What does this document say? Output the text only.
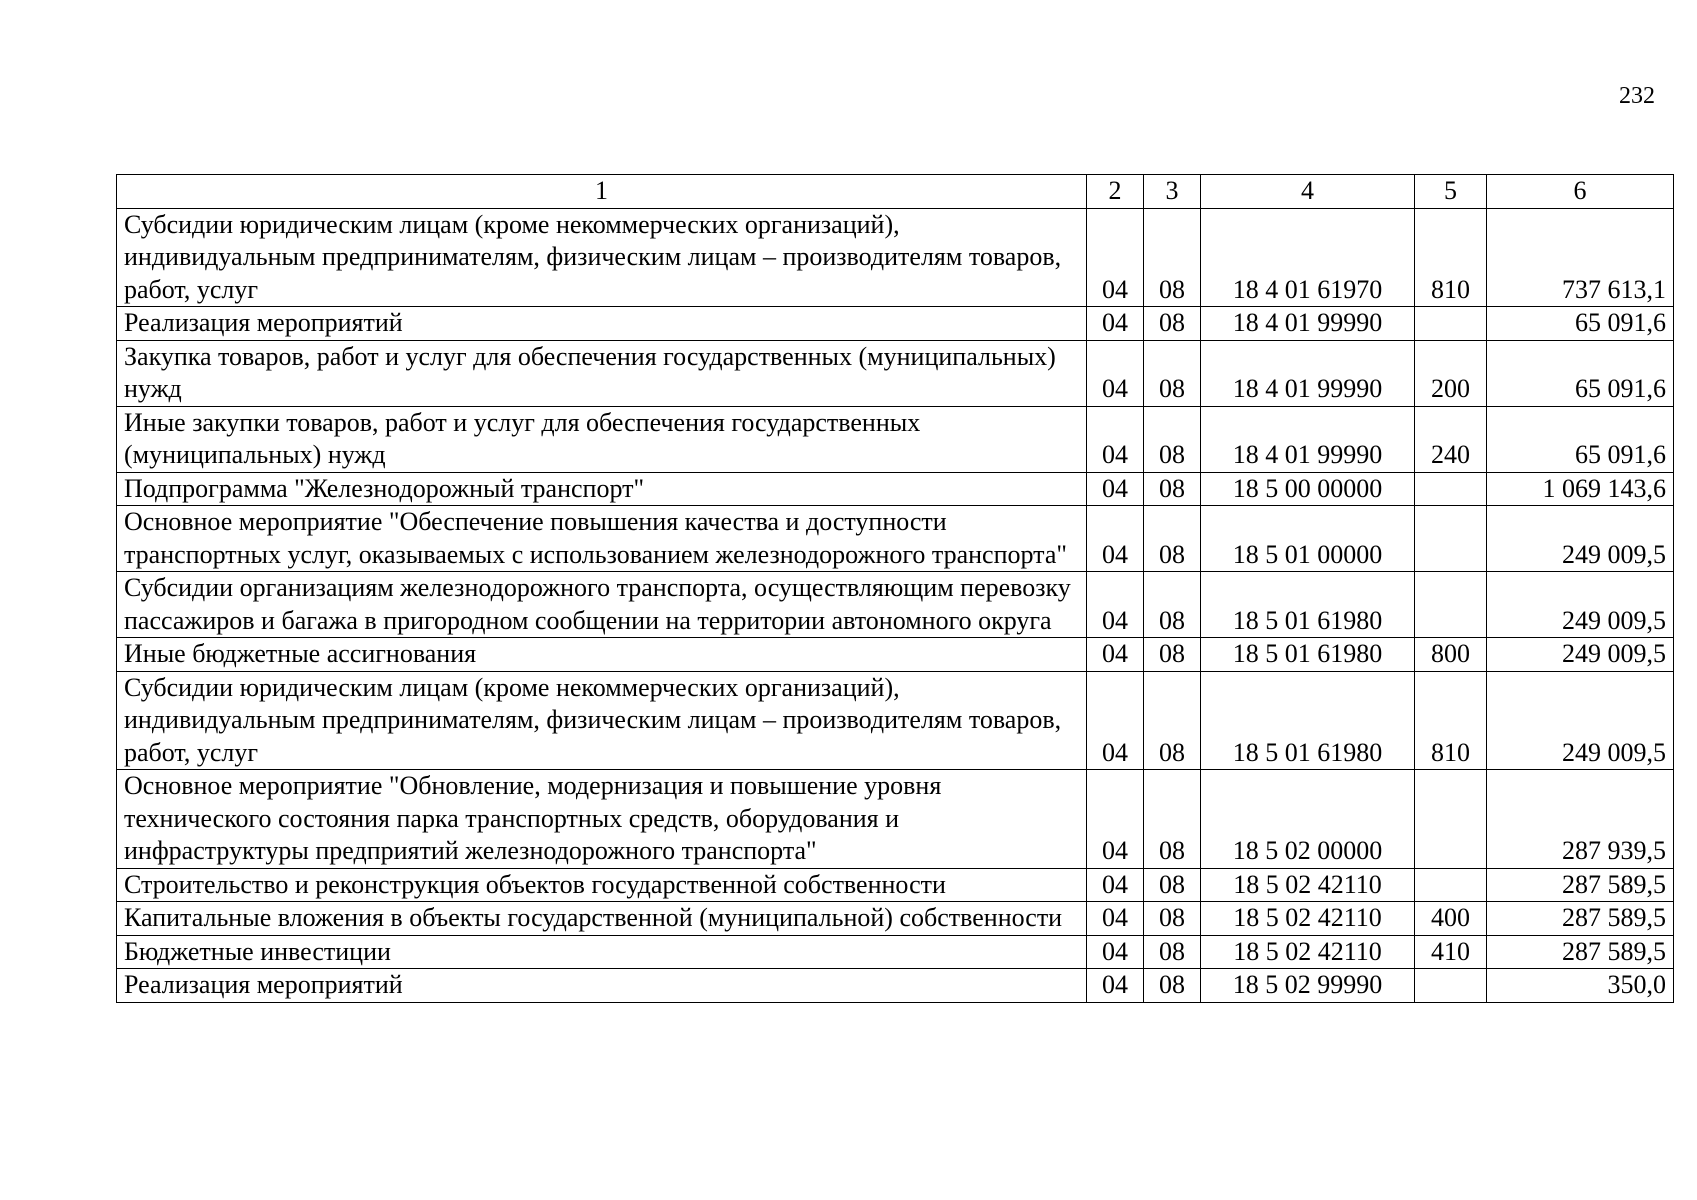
232
1	2	3	4	5	6
Субсидии юридическим лицам (кроме некоммерческих организаций), индивидуальным предпринимателям, физическим лицам – производителям товаров, работ, услуг	04	08	18 4 01 61970	810	737 613,1
Реализация мероприятий	04	08	18 4 01 99990		65 091,6
Закупка товаров, работ и услуг для обеспечения государственных (муниципальных) нужд	04	08	18 4 01 99990	200	65 091,6
Иные закупки товаров, работ и услуг для обеспечения государственных (муниципальных) нужд	04	08	18 4 01 99990	240	65 091,6
Подпрограмма "Железнодорожный транспорт"	04	08	18 5 00 00000		1 069 143,6
Основное мероприятие "Обеспечение повышения качества и доступности транспортных услуг, оказываемых с использованием железнодорожного транспорта"	04	08	18 5 01 00000		249 009,5
Субсидии организациям железнодорожного транспорта, осуществляющим перевозку пассажиров и багажа в пригородном сообщении на территории автономного округа	04	08	18 5 01 61980		249 009,5
Иные бюджетные ассигнования	04	08	18 5 01 61980	800	249 009,5
Субсидии юридическим лицам (кроме некоммерческих организаций), индивидуальным предпринимателям, физическим лицам – производителям товаров, работ, услуг	04	08	18 5 01 61980	810	249 009,5
Основное мероприятие "Обновление, модернизация и повышение уровня технического состояния парка транспортных средств, оборудования и инфраструктуры предприятий железнодорожного транспорта"	04	08	18 5 02 00000		287 939,5
Строительство и реконструкция объектов государственной собственности	04	08	18 5 02 42110		287 589,5
Капитальные вложения в объекты государственной (муниципальной) собственности	04	08	18 5 02 42110	400	287 589,5
Бюджетные инвестиции	04	08	18 5 02 42110	410	287 589,5
Реализация мероприятий	04	08	18 5 02 99990		350,0
